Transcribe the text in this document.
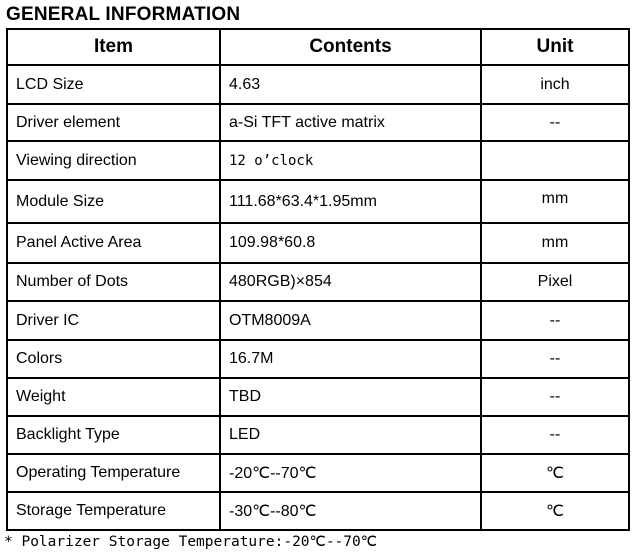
GENERAL INFORMATION
Item	Contents	Unit
LCD Size	4.63	inch
Driver element	a-Si TFT active matrix	--
Viewing direction	12 o’clock	
Module Size	111.68*63.4*1.95mm	mm
Panel Active Area	109.98*60.8	mm
Number of Dots	480RGB)×854	Pixel
Driver IC	OTM8009A	--
Colors	16.7M	--
Weight	TBD	--
Backlight Type	LED	--
Operating Temperature	-20℃--70℃	℃
Storage Temperature	-30℃--80℃	℃
* Polarizer Storage Temperature:-20℃--70℃
